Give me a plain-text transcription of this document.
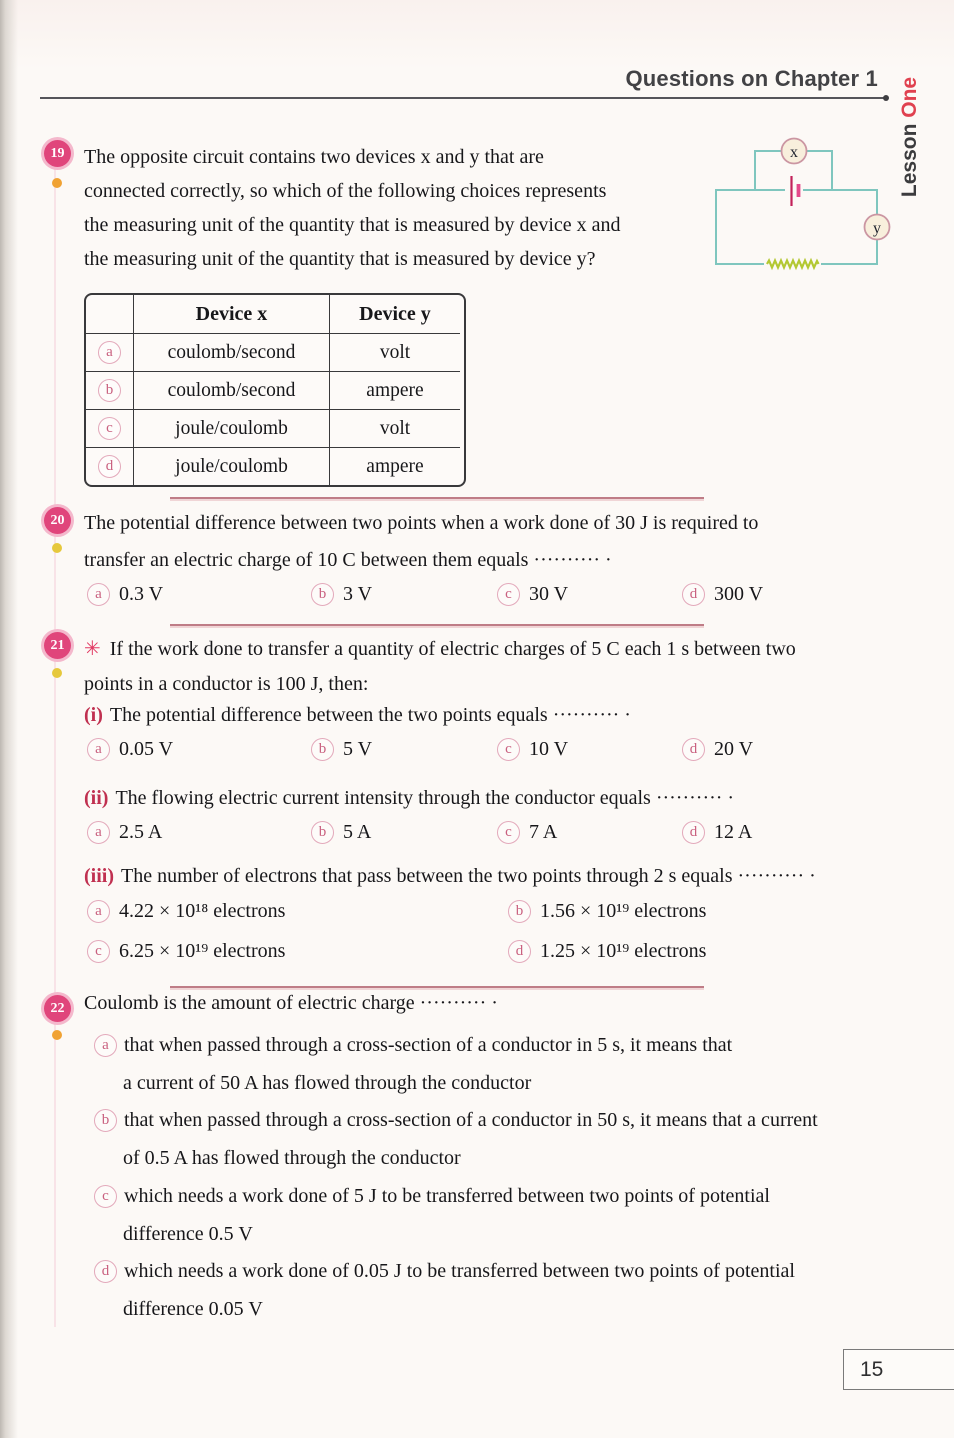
Questions on Chapter 1
Lesson One
x
y
19 The opposite circuit contains two devices x and y that are
connected correctly, so which of the following choices represents
the measuring unit of the quantity that is measured by device x and
the measuring unit of the quantity that is measured by device y?
Device x	Device y
a	coulomb/second	volt
b	coulomb/second	ampere
c	joule/coulomb	volt
d	joule/coulomb	ampere
20 The potential difference between two points when a work done of 30 J is required to
transfer an electric charge of 10 C between them equals ·········· ·
a 0.3 V	b 3 V	c 30 V	d 300 V
21 ✳ If the work done to transfer a quantity of electric charges of 5 C each 1 s between two
points in a conductor is 100 J, then:
(i) The potential difference between the two points equals ·········· ·
a 0.05 V	b 5 V	c 10 V	d 20 V
(ii) The flowing electric current intensity through the conductor equals ·········· ·
a 2.5 A	b 5 A	c 7 A	d 12 A
(iii) The number of electrons that pass between the two points through 2 s equals ·········· ·
a 4.22 × 10¹⁸ electrons	b 1.56 × 10¹⁹ electrons
c 6.25 × 10¹⁹ electrons	d 1.25 × 10¹⁹ electrons
22 Coulomb is the amount of electric charge ·········· ·
a that when passed through a cross-section of a conductor in 5 s, it means that
a current of 50 A has flowed through the conductor
b that when passed through a cross-section of a conductor in 50 s, it means that a current
of 0.5 A has flowed through the conductor
c which needs a work done of 5 J to be transferred between two points of potential
difference 0.5 V
d which needs a work done of 0.05 J to be transferred between two points of potential
difference 0.05 V
15
